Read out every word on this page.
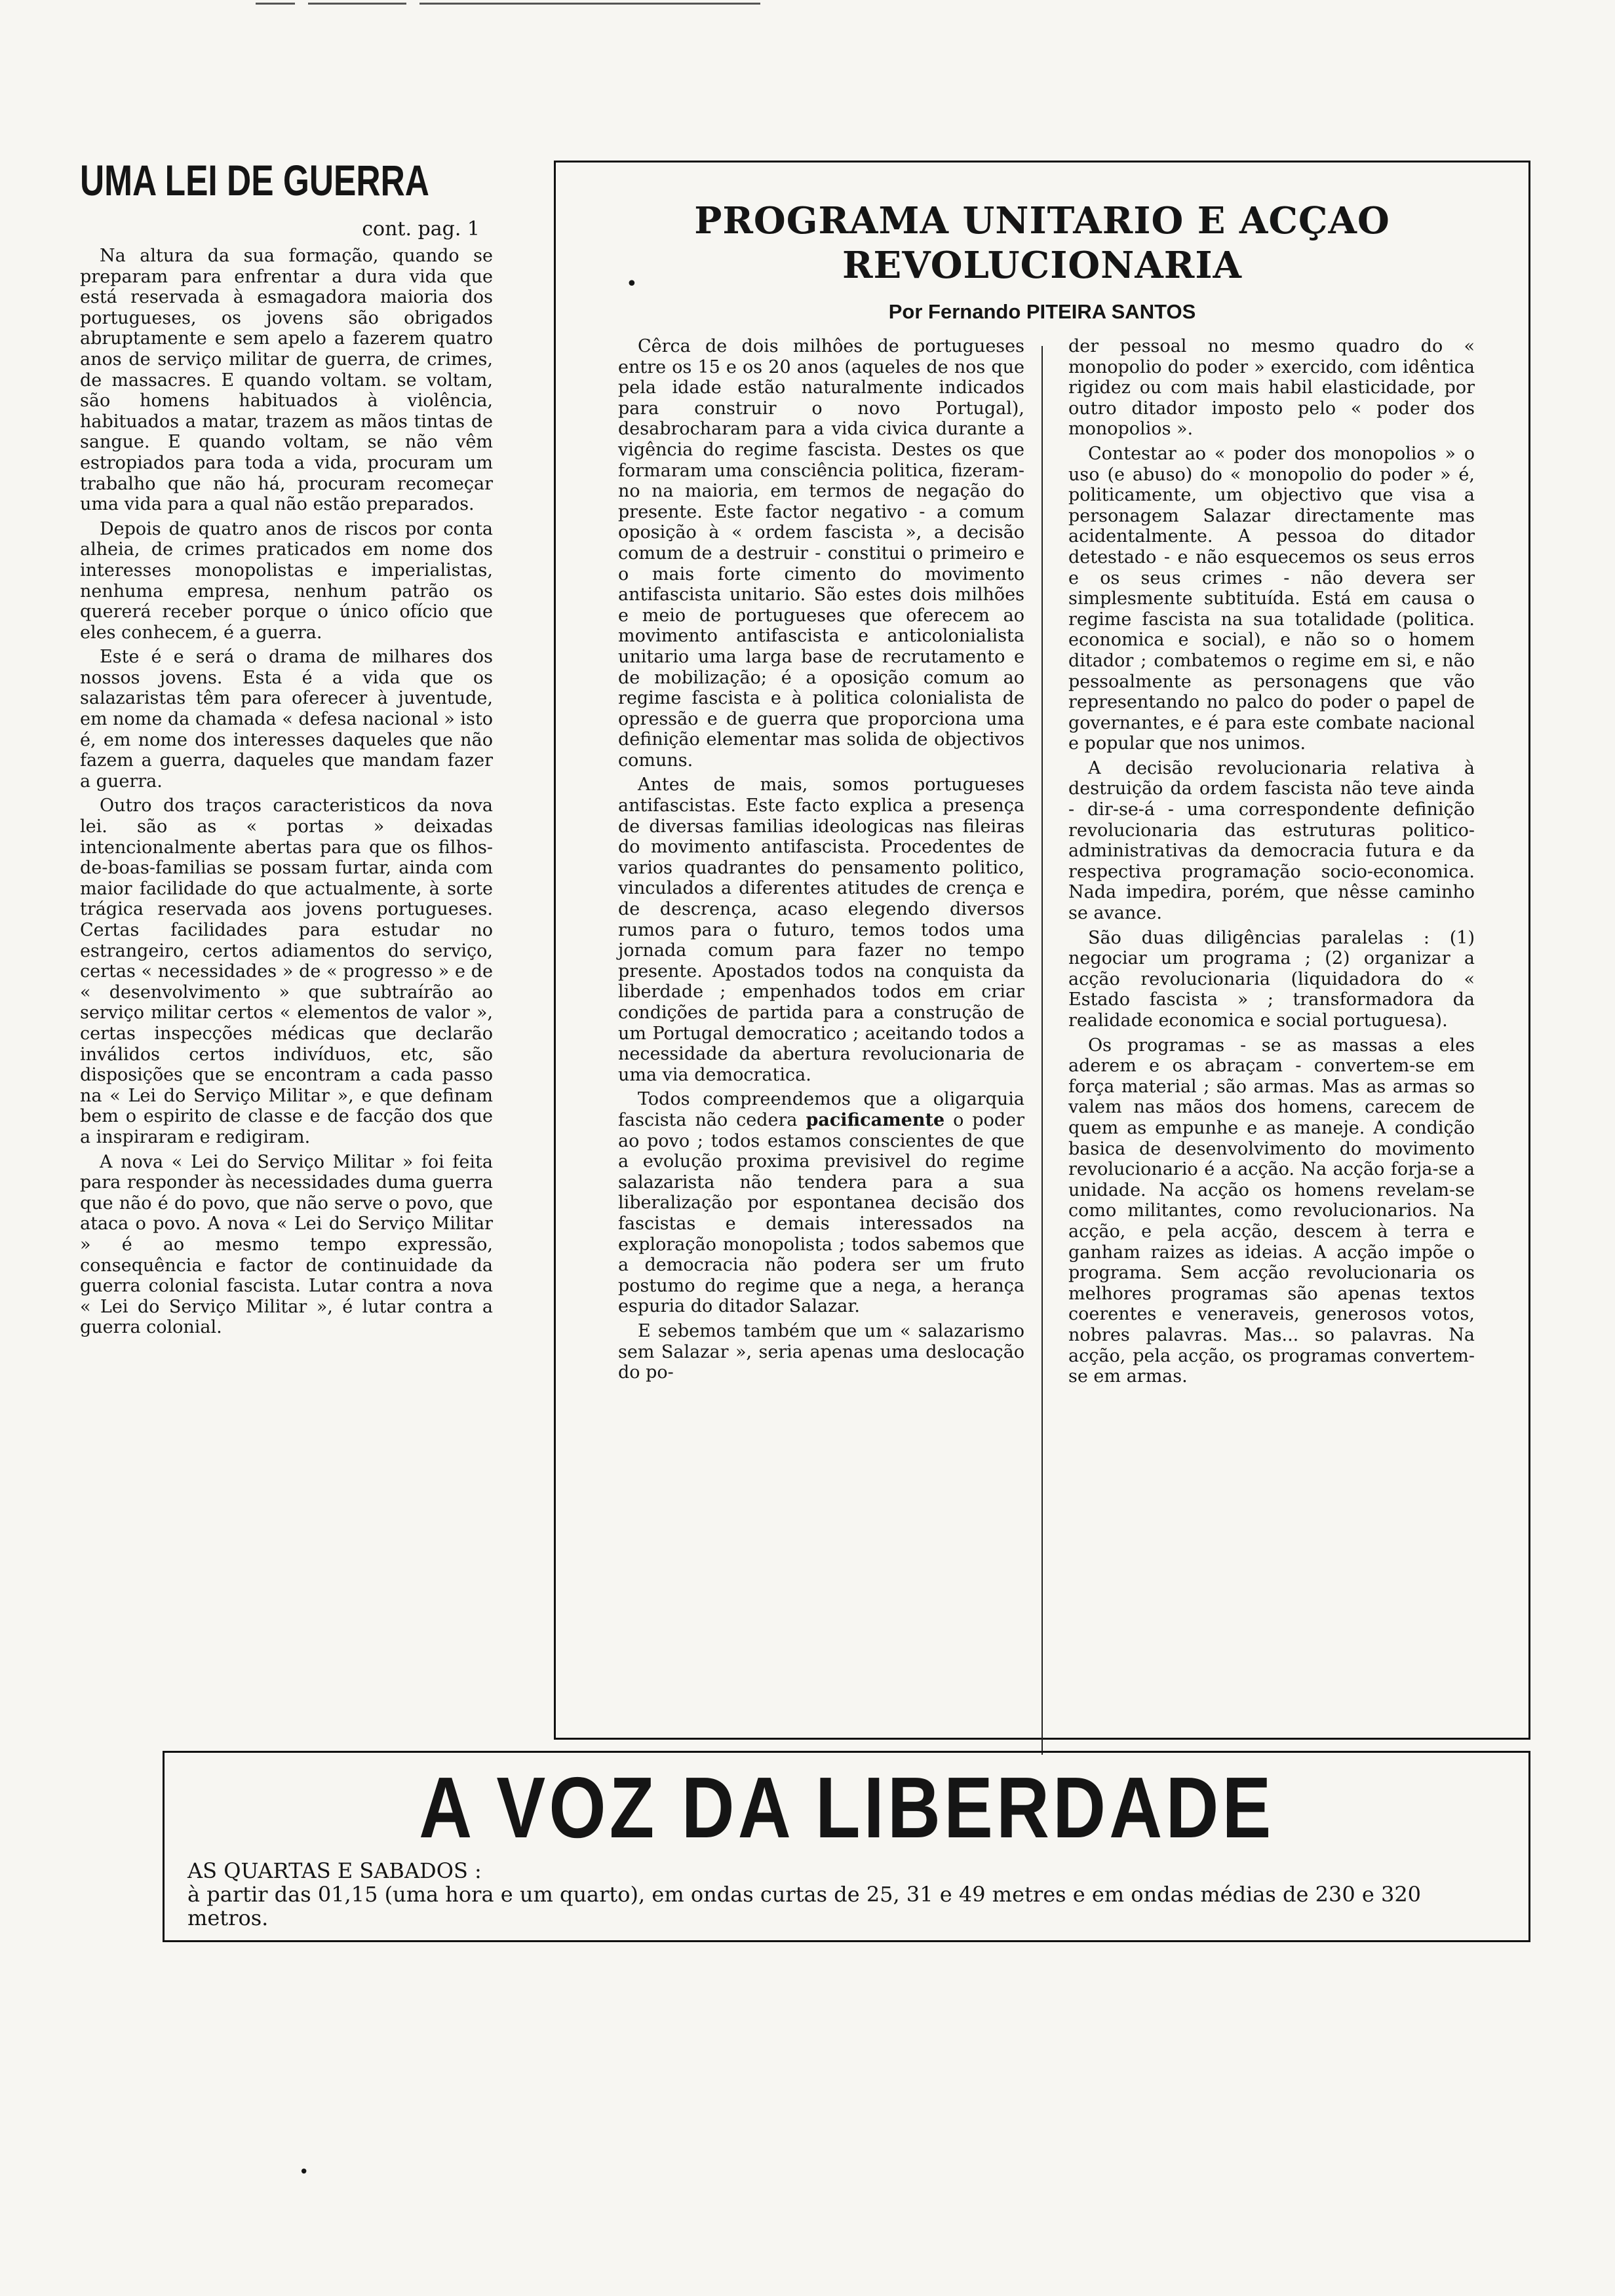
UMA LEI DE GUERRA

cont. pag. 1

Na altura da sua formação, quando se preparam para enfrentar a dura vida que está reservada à esmagadora maioria dos portugueses, os jovens são obrigados abruptamente e sem apelo a fazerem quatro anos de serviço militar de guerra, de crimes, de massacres. E quando voltam. se voltam, são homens habituados à violência, habituados a matar, trazem as mãos tintas de sangue. E quando voltam, se não vêm estropiados para toda a vida, procuram um trabalho que não há, procuram recomeçar uma vida para a qual não estão preparados.

Depois de quatro anos de riscos por conta alheia, de crimes praticados em nome dos interesses monopolistas e imperialistas, nenhuma empresa, nenhum patrão os quererá receber porque o único ofício que eles conhecem, é a guerra.

Este é e será o drama de milhares dos nossos jovens. Esta é a vida que os salazaristas têm para oferecer à juventude, em nome da chamada « defesa nacional » isto é, em nome dos interesses daqueles que não fazem a guerra, daqueles que mandam fazer a guerra.

Outro dos traços caracteristicos da nova lei. são as « portas » deixadas intencionalmente abertas para que os filhos-de-boas-familias se possam furtar, ainda com maior facilidade do que actualmente, à sorte trágica reservada aos jovens portugueses. Certas facilidades para estudar no estrangeiro, certos adiamentos do serviço, certas « necessidades » de « progresso » e de « desenvolvimento » que subtraírão ao serviço militar certos « elementos de valor », certas inspecções médicas que declarão inválidos certos indivíduos, etc, são disposições que se encontram a cada passo na « Lei do Serviço Militar », e que definam bem o espirito de classe e de facção dos que a inspiraram e redigiram.

A nova « Lei do Serviço Militar » foi feita para responder às necessidades duma guerra que não é do povo, que não serve o povo, que ataca o povo. A nova « Lei do Serviço Militar » é ao mesmo tempo expressão, consequência e factor de continuidade da guerra colonial fascista. Lutar contra a nova « Lei do Serviço Militar », é lutar contra a guerra colonial.

PROGRAMA UNITARIO E ACÇAO
REVOLUCIONARIA
•
Por Fernando PITEIRA SANTOS

Cêrca de dois milhôes de portugueses entre os 15 e os 20 anos (aqueles de nos que pela idade estão naturalmente indicados para construir o novo Portugal), desabrocharam para a vida civica durante a vigência do regime fascista. Destes os que formaram uma consciência politica, fizeram-no na maioria, em termos de negação do presente. Este factor negativo - a comum oposição à « ordem fascista », a decisão comum de a destruir - constitui o primeiro e o mais forte cimento do movimento antifascista unitario. São estes dois milhões e meio de portugueses que oferecem ao movimento antifascista e anticolonialista unitario uma larga base de recrutamento e de mobilização; é a oposição comum ao regime fascista e à politica colonialista de opressão e de guerra que proporciona uma definição elementar mas solida de objectivos comuns.

Antes de mais, somos portugueses antifascistas. Este facto explica a presença de diversas familias ideologicas nas fileiras do movimento antifascista. Procedentes de varios quadrantes do pensamento politico, vinculados a diferentes atitudes de crença e de descrença, acaso elegendo diversos rumos para o futuro, temos todos uma jornada comum para fazer no tempo presente. Apostados todos na conquista da liberdade ; empenhados todos em criar condições de partida para a construção de um Portugal democratico ; aceitando todos a necessidade da abertura revolucionaria de uma via democratica.

Todos compreendemos que a oligarquia fascista não cedera pacificamente o poder ao povo ; todos estamos conscientes de que a evolução proxima previsivel do regime salazarista não tendera para a sua liberalização por espontanea decisão dos fascistas e demais interessados na exploração monopolista ; todos sabemos que a democracia não podera ser um fruto postumo do regime que a nega, a herança espuria do ditador Salazar.

E sebemos também que um « salazarismo sem Salazar », seria apenas uma deslocação do po-

der pessoal no mesmo quadro do « monopolio do poder » exercido, com idêntica rigidez ou com mais habil elasticidade, por outro ditador imposto pelo « poder dos monopolios ».

Contestar ao « poder dos monopolios » o uso (e abuso) do « monopolio do poder » é, politicamente, um objectivo que visa a personagem Salazar directamente mas acidentalmente. A pessoa do ditador detestado - e não esquecemos os seus erros e os seus crimes - não devera ser simplesmente subtituída. Está em causa o regime fascista na sua totalidade (politica. economica e social), e não so o homem ditador ; combatemos o regime em si, e não pessoalmente as personagens que vão representando no palco do poder o papel de governantes, e é para este combate nacional e popular que nos unimos.

A decisão revolucionaria relativa à destruição da ordem fascista não teve ainda - dir-se-á - uma correspondente definição revolucionaria das estruturas politico-administrativas da democracia futura e da respectiva programação socio-economica. Nada impedira, porém, que nêsse caminho se avance.

São duas diligências paralelas : (1) negociar um programa ; (2) organizar a acção revolucionaria (liquidadora do « Estado fascista » ; transformadora da realidade economica e social portuguesa).

Os programas - se as massas a eles aderem e os abraçam - convertem-se em força material ; são armas. Mas as armas so valem nas mãos dos homens, carecem de quem as empunhe e as maneje. A condição basica de desenvolvimento do movimento revolucionario é a acção. Na acção forja-se a unidade. Na acção os homens revelam-se como militantes, como revolucionarios. Na acção, e pela acção, descem à terra e ganham raizes as ideias. A acção impõe o programa. Sem acção revolucionaria os melhores programas são apenas textos coerentes e veneraveis, generosos votos, nobres palavras. Mas... so palavras. Na acção, pela acção, os programas convertem-se em armas.

A VOZ DA LIBERDADE

AS QUARTAS E SABADOS :

à partir das 01,15 (uma hora e um quarto), em ondas curtas de 25, 31 e 49 metres e em ondas médias de 230 e 320 metros.

•
